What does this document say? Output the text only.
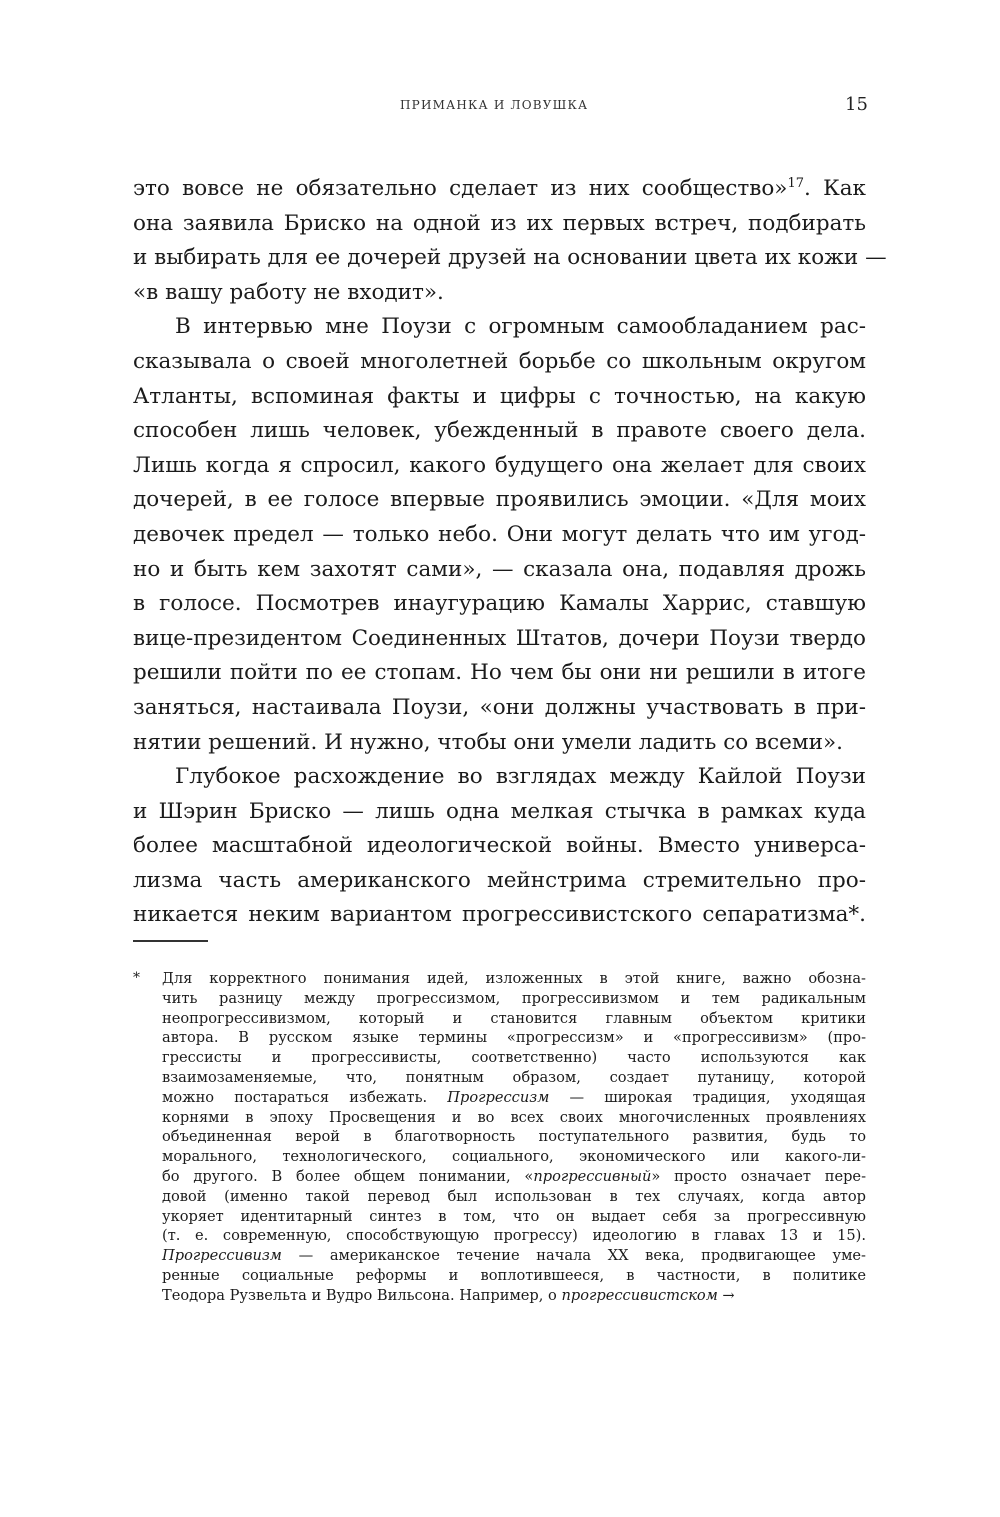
ПРИМАНКА И ЛОВУШКА	15
это вовсе не обязательно сделает из них сообщество»$^{17}$. Как
она заявила Бриско на одной из их первых встреч, подбирать
и выбирать для ее дочерей друзей на основании цвета их кожи —
«в вашу работу не входит».
В интервью мне Поузи с огромным самообладанием рас-
сказывала о своей многолетней борьбе со школьным округом
Атланты, вспоминая факты и цифры с точностью, на какую
способен лишь человек, убежденный в правоте своего дела.
Лишь когда я спросил, какого будущего она желает для своих
дочерей, в ее голосе впервые проявились эмоции. «Для моих
девочек предел — только небо. Они могут делать что им угод-
но и быть кем захотят сами», — сказала она, подавляя дрожь
в голосе. Посмотрев инаугурацию Камалы Харрис, ставшую
вице-президентом Соединенных Штатов, дочери Поузи твердо
решили пойти по ее стопам. Но чем бы они ни решили в итоге
заняться, настаивала Поузи, «они должны участвовать в при-
нятии решений. И нужно, чтобы они умели ладить со всеми».
Глубокое расхождение во взглядах между Кайлой Поузи
и Шэрин Бриско — лишь одна мелкая стычка в рамках куда
более масштабной идеологической войны. Вместо универса-
лизма часть американского мейнстрима стремительно про-
никается неким вариантом прогрессивистского сепаратизма*.
* Для корректного понимания идей, изложенных в этой книге, важно обозна-
чить разницу между прогрессизмом, прогрессивизмом и тем радикальным
неопрогрессивизмом, который и становится главным объектом критики
автора. В русском языке термины «прогрессизм» и «прогрессивизм» (про-
грессисты и прогрессивисты, соответственно) часто используются как
взаимозаменяемые, что, понятным образом, создает путаницу, которой
можно постараться избежать. Прогрессизм — широкая традиция, уходящая
корнями в эпоху Просвещения и во всех своих многочисленных проявлениях
объединенная верой в благотворность поступательного развития, будь то
морального, технологического, социального, экономического или какого-ли-
бо другого. В более общем понимании, «прогрессивный» просто означает пере-
довой (именно такой перевод был использован в тех случаях, когда автор
укоряет идентитарный синтез в том, что он выдает себя за прогрессивную
(т. е. современную, способствующую прогрессу) идеологию в главах 13 и 15).
Прогрессивизм — американское течение начала XX века, продвигающее уме-
ренные социальные реформы и воплотившееся, в частности, в политике
Теодора Рузвельта и Вудро Вильсона. Например, о прогрессивистском →
